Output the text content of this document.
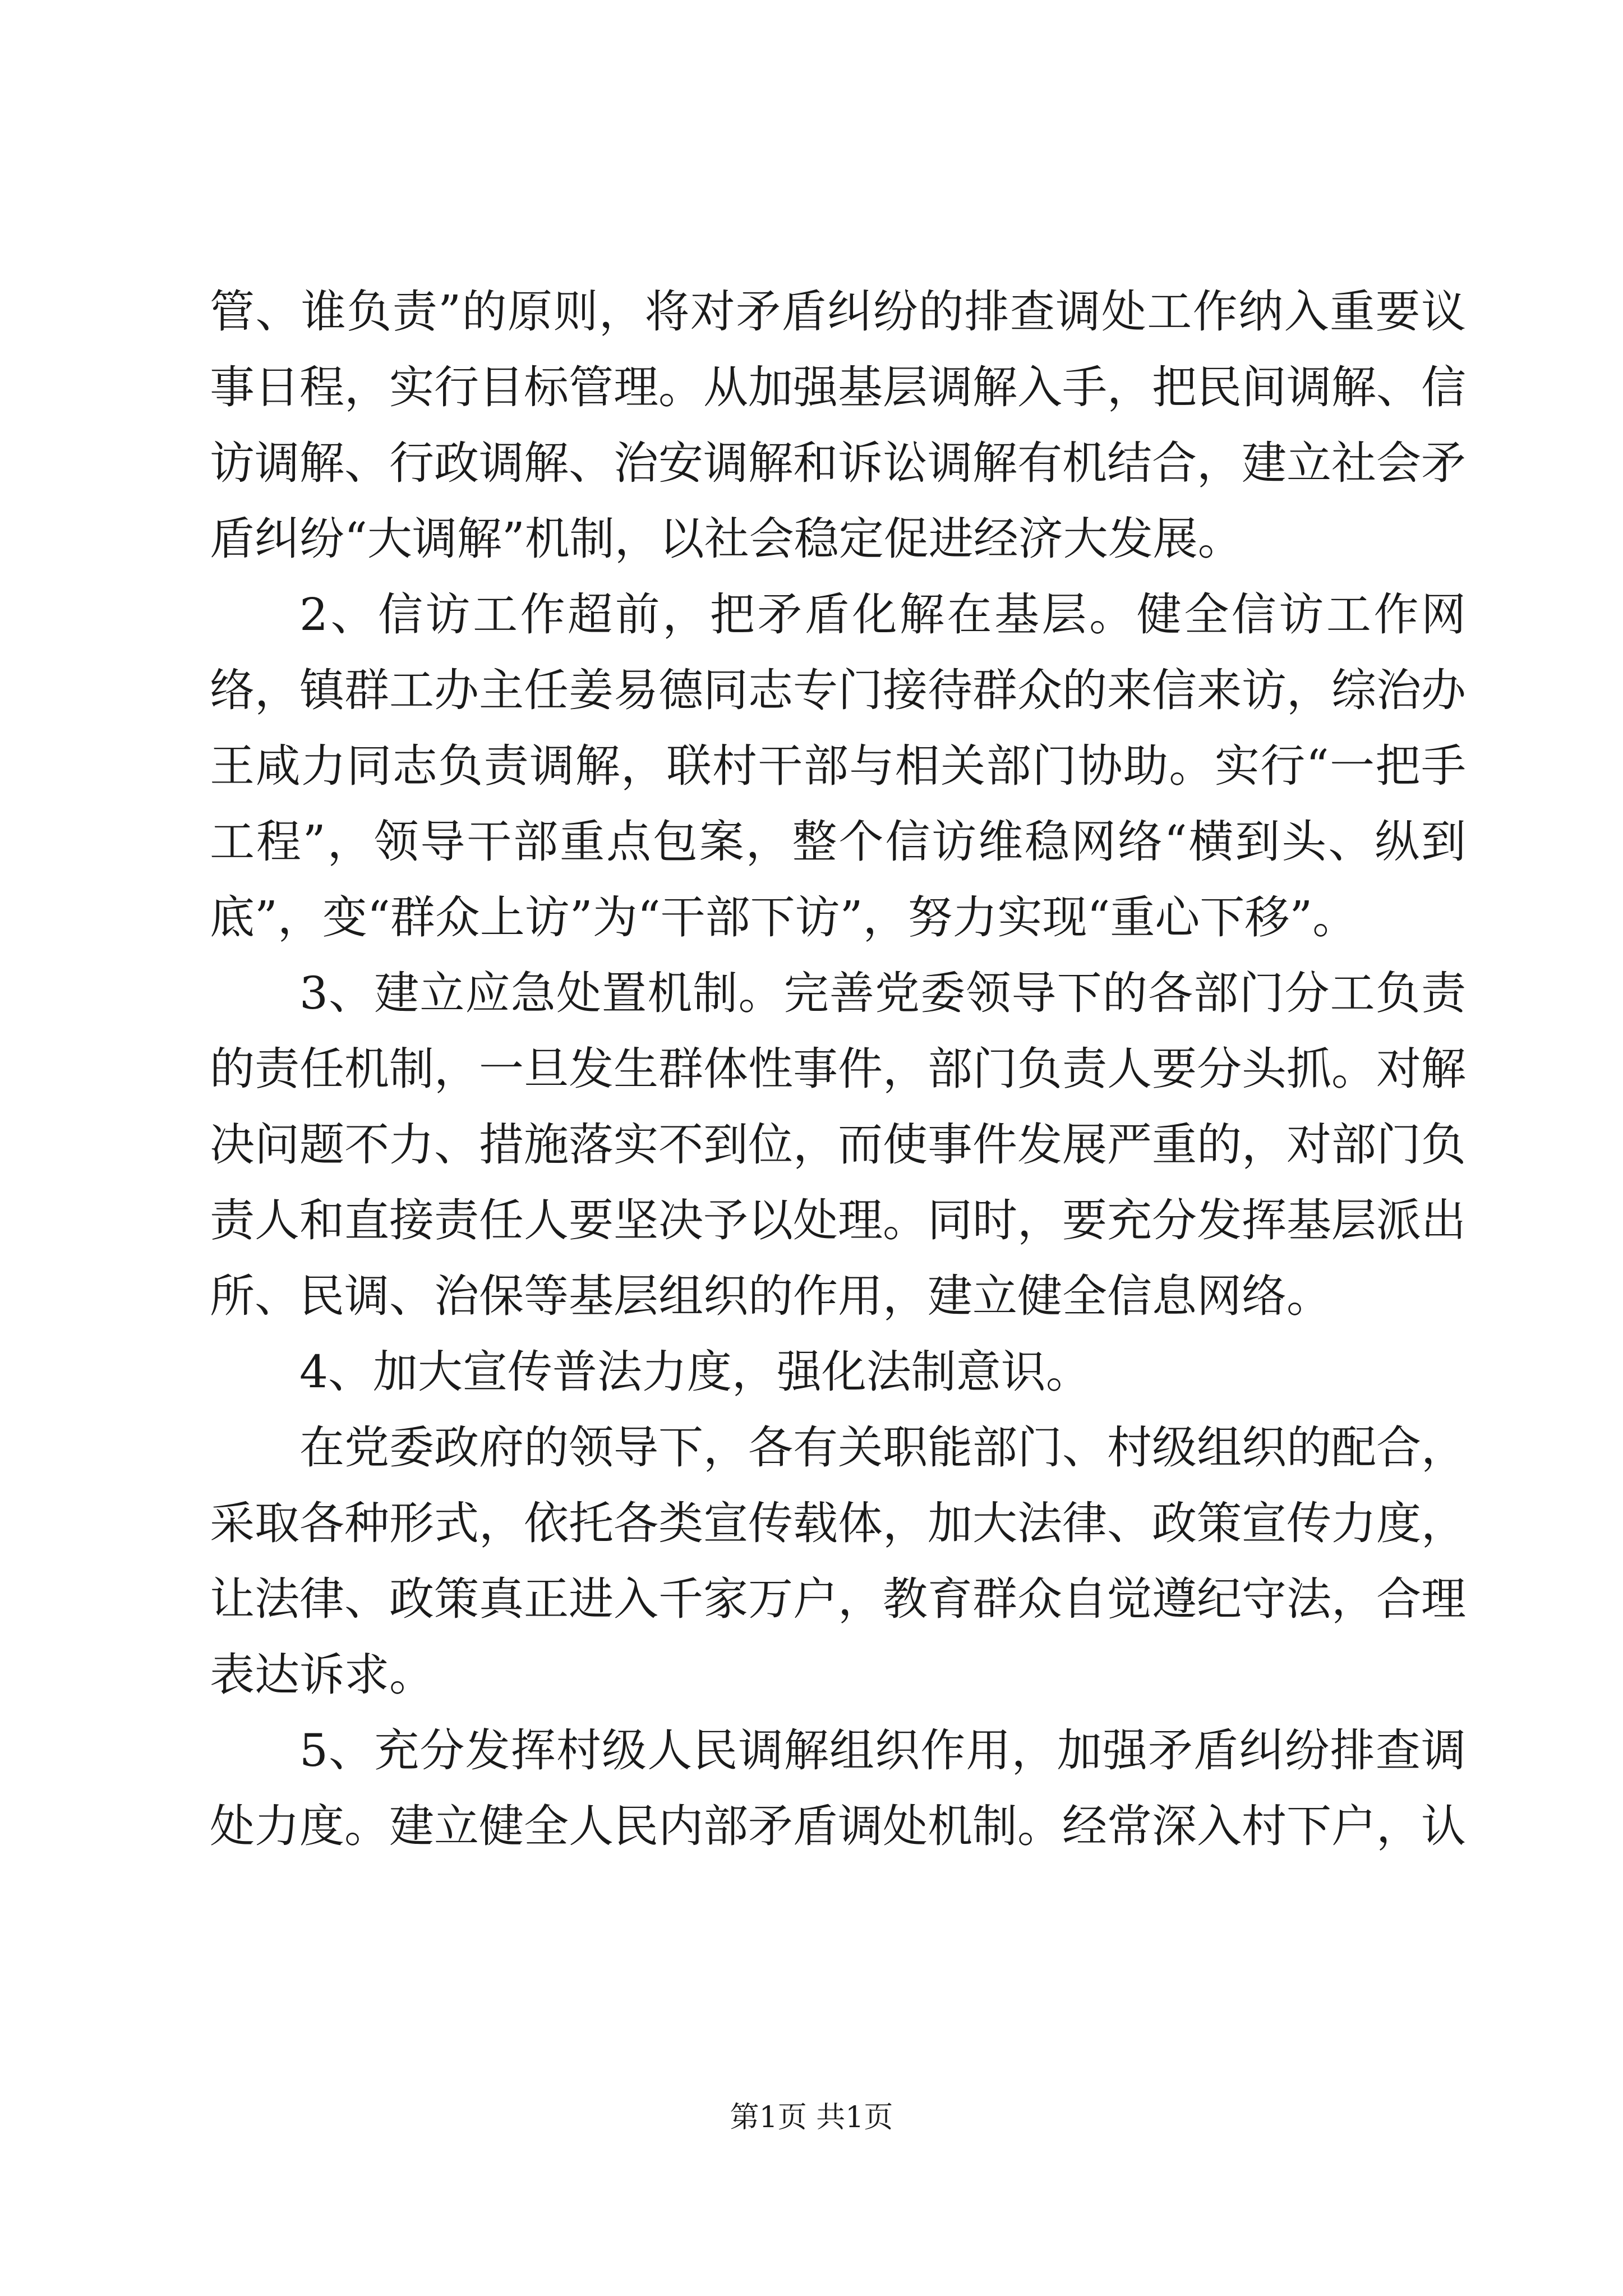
管、谁负责”的原则，将对矛盾纠纷的排查调处工作纳入重要议事日程，实行目标管理。从加强基层调解入手，把民间调解、信访调解、行政调解、治安调解和诉讼调解有机结合，建立社会矛盾纠纷“大调解”机制，以社会稳定促进经济大发展。

2、信访工作超前，把矛盾化解在基层。健全信访工作网络，镇群工办主任姜易德同志专门接待群众的来信来访，综治办王咸力同志负责调解，联村干部与相关部门协助。实行“一把手工程”，领导干部重点包案，整个信访维稳网络“横到头、纵到底”，变“群众上访”为“干部下访”，努力实现“重心下移”。

3、建立应急处置机制。完善党委领导下的各部门分工负责的责任机制，一旦发生群体性事件，部门负责人要分头抓。对解决问题不力、措施落实不到位，而使事件发展严重的，对部门负责人和直接责任人要坚决予以处理。同时，要充分发挥基层派出所、民调、治保等基层组织的作用，建立健全信息网络。

4、加大宣传普法力度，强化法制意识。

在党委政府的领导下，各有关职能部门、村级组织的配合，采取各种形式，依托各类宣传载体，加大法律、政策宣传力度，让法律、政策真正进入千家万户，教育群众自觉遵纪守法，合理表达诉求。

5、充分发挥村级人民调解组织作用，加强矛盾纠纷排查调处力度。建立健全人民内部矛盾调处机制。经常深入村下户，认

第1页 共1页
